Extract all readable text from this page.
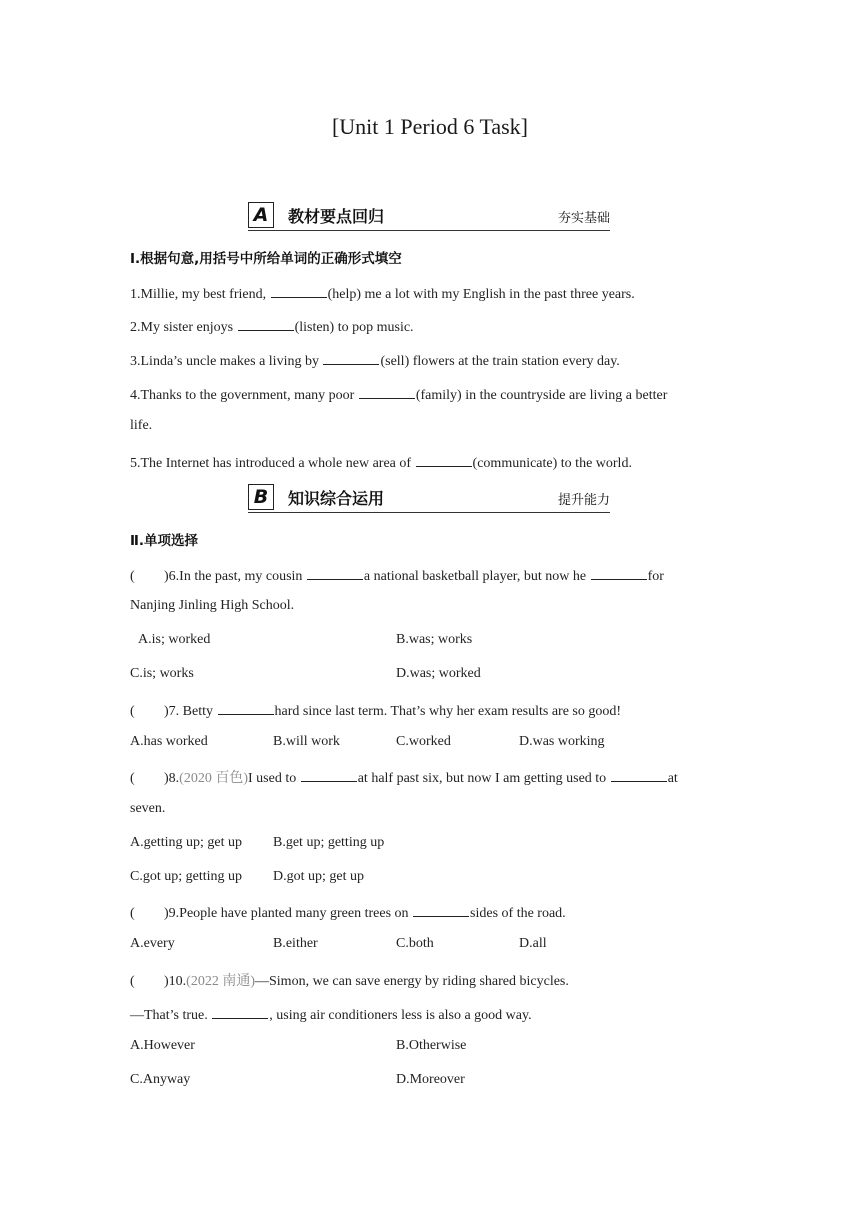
[Unit 1 Period 6 Task]
A	教材要点回归	夯实基础
Ⅰ.根据句意,用括号中所给单词的正确形式填空
1.Millie, my best friend,	(help) me a lot with my English in the past three years.
2.My sister enjoys	(listen) to pop music.
3.Linda’s uncle makes a living by	(sell) flowers at the train station every day.
4.Thanks to the government, many poor	(family) in the countryside are living a better
life.
5.The Internet has introduced a whole new area of	(communicate) to the world.
B	知识综合运用	提升能力
Ⅱ.单项选择
( )6.In the past, my cousin	a national basketball player, but now he	for
Nanjing Jinling High School.
A.is; worked	B.was; works
C.is; works	D.was; worked
( )7. Betty	hard since last term. That’s why her exam results are so good!
A.has worked	B.will work	C.worked	D.was working
( )8.(2020 百色)I used to	at half past six, but now I am getting used to	at
seven.
A.getting up; get up B.get up; getting up
C.got up; getting up D.got up; get up
( )9.People have planted many green trees on	sides of the road.
A.every	B.either	C.both	D.all
( )10.(2022 南通)—Simon, we can save energy by riding shared bicycles.
—That’s true.	, using air conditioners less is also a good way.
A.However	B.Otherwise
C.Anyway	D.Moreover
